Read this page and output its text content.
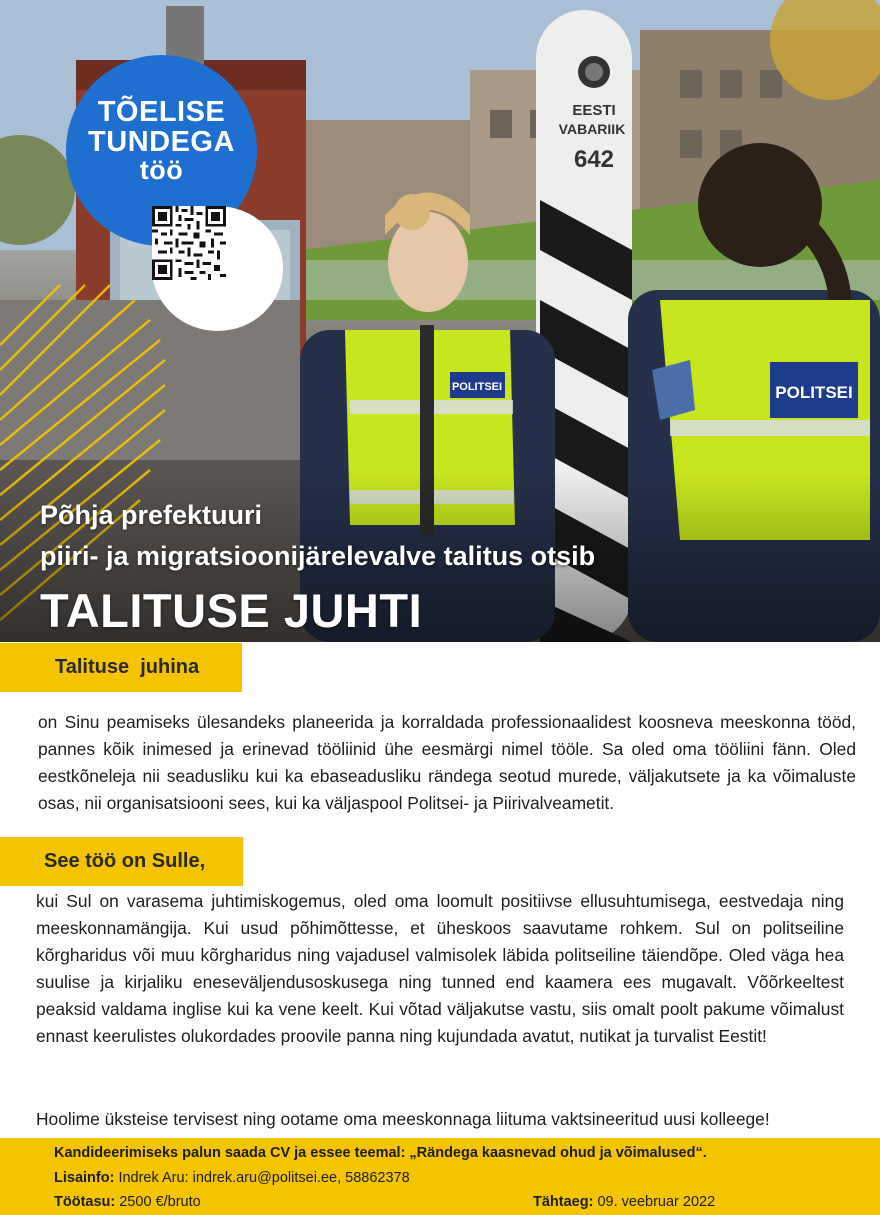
EESTI
VABARIIK
642
POLITSEI	POLITSEI
TÕELISE
TUNDEGA
töö
Põhja prefektuuri
piiri- ja migratsioonijärelevalve talitus otsib
TALITUSE JUHTI
Talituse  juhina
on Sinu peamiseks ülesandeks planeerida ja korraldada professionaalidest koosneva meeskonna tööd, pannes kõik inimesed ja erinevad tööliinid ühe eesmärgi nimel tööle. Sa oled oma tööliini fänn. Oled eestkõneleja nii seadusliku kui ka ebaseadusliku rändega seotud murede, väljakutsete ja ka võimaluste osas, nii organisatsiooni sees, kui ka väljaspool Politsei- ja Piirivalveametit.
See töö on Sulle,
kui Sul on varasema juhtimiskogemus, oled oma loomult positiivse ellusuhtumisega, eestvedaja ning meeskonnamängija. Kui usud põhimõttesse, et üheskoos saavutame rohkem. Sul on politseiline kõrgharidus või muu kõrgharidus ning vajadusel valmisolek läbida politseiline täiendõpe. Oled väga hea suulise ja kirjaliku eneseväljendusoskusega ning tunned end kaamera ees mugavalt. Võõrkeeltest peaksid valdama inglise kui ka vene keelt. Kui võtad väljakutse vastu, siis omalt poolt pakume võimalust ennast keerulistes olukordades proovile panna ning kujundada avatut, nutikat ja turvalist Eestit!
Hoolime üksteise tervisest ning ootame oma meeskonnaga liituma vaktsineeritud uusi kolleege!
Kandideerimiseks palun saada CV ja essee teemal: „Rändega kaasnevad ohud ja võimalused“.
Lisainfo: Indrek Aru: indrek.aru@politsei.ee, 58862378
Töötasu: 2500 €/bruto	Tähtaeg: 09. veebruar 2022
